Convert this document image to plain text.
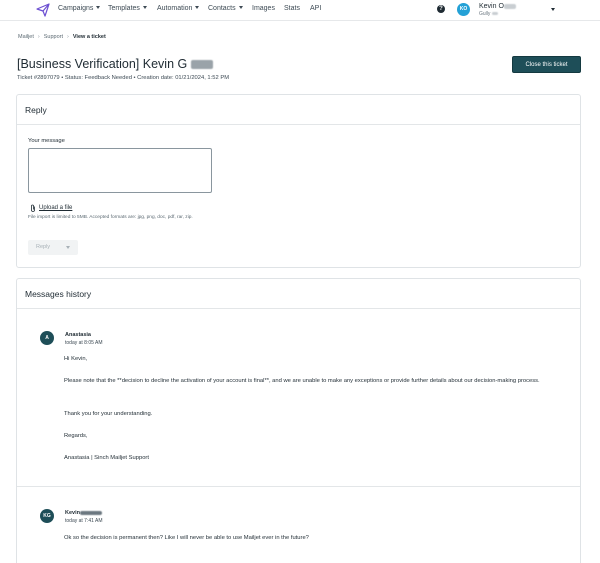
Campaigns	Templates	Automation	Contacts	Images Stats API	?	KO	Kevin O
Gully
Mailjet › Support › View a ticket
[Business Verification] Kevin G
Ticket #2897079 • Status: Feedback Needed • Creation date: 01/21/2024, 1:52 PM
Close this ticket
Reply
Your message
Upload a file
File import is limited to 5MB. Accepted formats are: jpg, png, doc, pdf, rar, zip.
Reply
Messages history
A	Anastasia
today at 8:05 AM
Hi Kevin,
Please note that the **decision to decline the activation of your account is final**, and we are unable to make any exceptions or provide further details about our decision-making process.
Thank you for your understanding.
Regards,
Anastasia | Sinch Mailjet Support
KG	Kevin
today at 7:41 AM
Ok so the decision is permanent then? Like I will never be able to use Mailjet ever in the future?
